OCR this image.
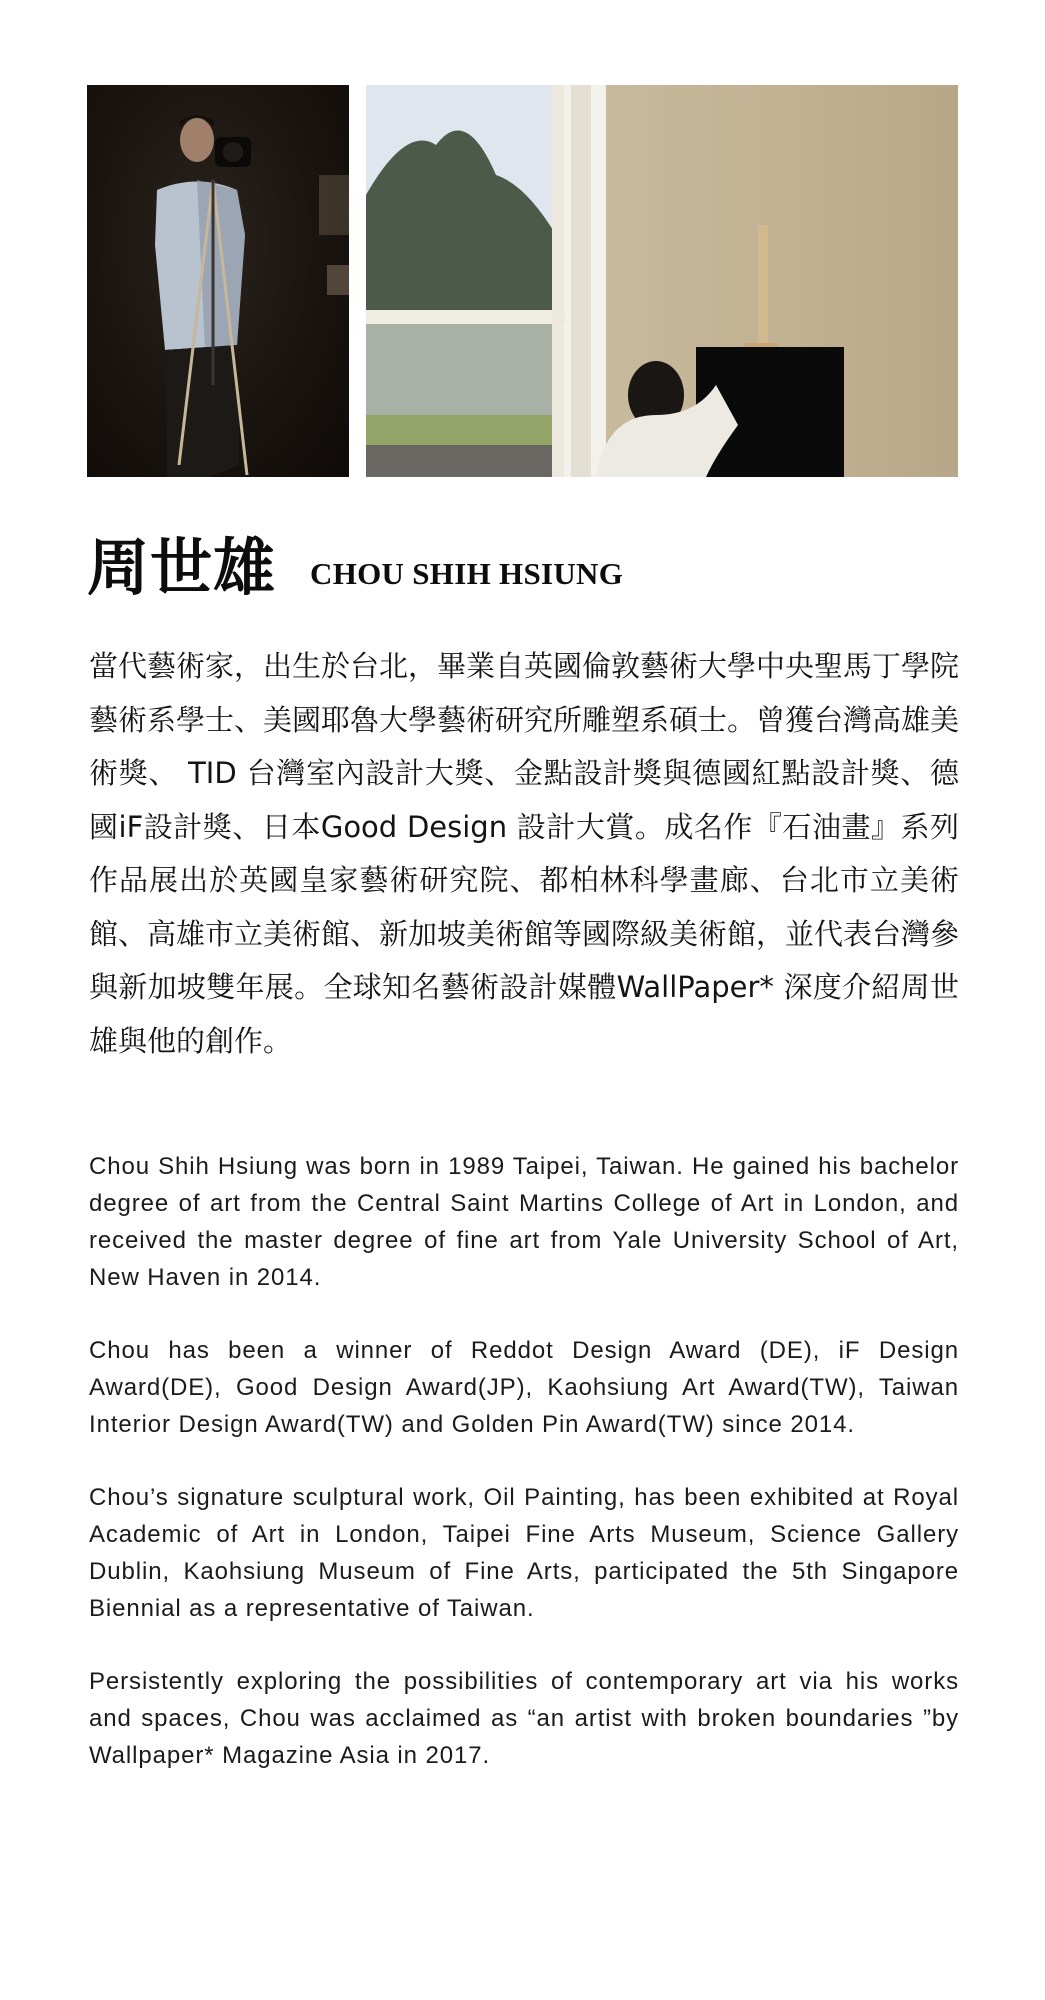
周世雄 CHOU SHIH HSIUNG
當代藝術家，出生於台北，畢業自英國倫敦藝術大學中央聖馬丁學院藝術系學士、美國耶魯大學藝術研究所雕塑系碩士。曾獲台灣高雄美術獎、 TID 台灣室內設計大獎、金點設計獎與德國紅點設計獎、德國iF設計獎、日本Good Design 設計大賞。成名作『石油畫』系列作品展出於英國皇家藝術研究院、都柏林科學畫廊、台北市立美術館、高雄市立美術館、新加坡美術館等國際級美術館，並代表台灣參與新加坡雙年展。全球知名藝術設計媒體WallPaper* 深度介紹周世雄與他的創作。

Chou Shih Hsiung was born in 1989 Taipei, Taiwan. He gained his bachelor degree of art from the Central Saint Martins College of Art in London, and received the master degree of fine art from Yale University School of Art, New Haven in 2014.

Chou has been a winner of Reddot Design Award (DE), iF Design Award(DE), Good Design Award(JP), Kaohsiung Art Award(TW), Taiwan Interior Design Award(TW) and Golden Pin Award(TW) since 2014.

Chou’s signature sculptural work, Oil Painting, has been exhibited at Royal Academic of Art in London, Taipei Fine Arts Museum, Science Gallery Dublin, Kaohsiung Museum of Fine Arts, participated the 5th Singapore Biennial as a representative of Taiwan.

Persistently exploring the possibilities of contemporary art via his works and spaces, Chou was acclaimed as “an artist with broken boundaries ”by Wallpaper* Magazine Asia in 2017.
